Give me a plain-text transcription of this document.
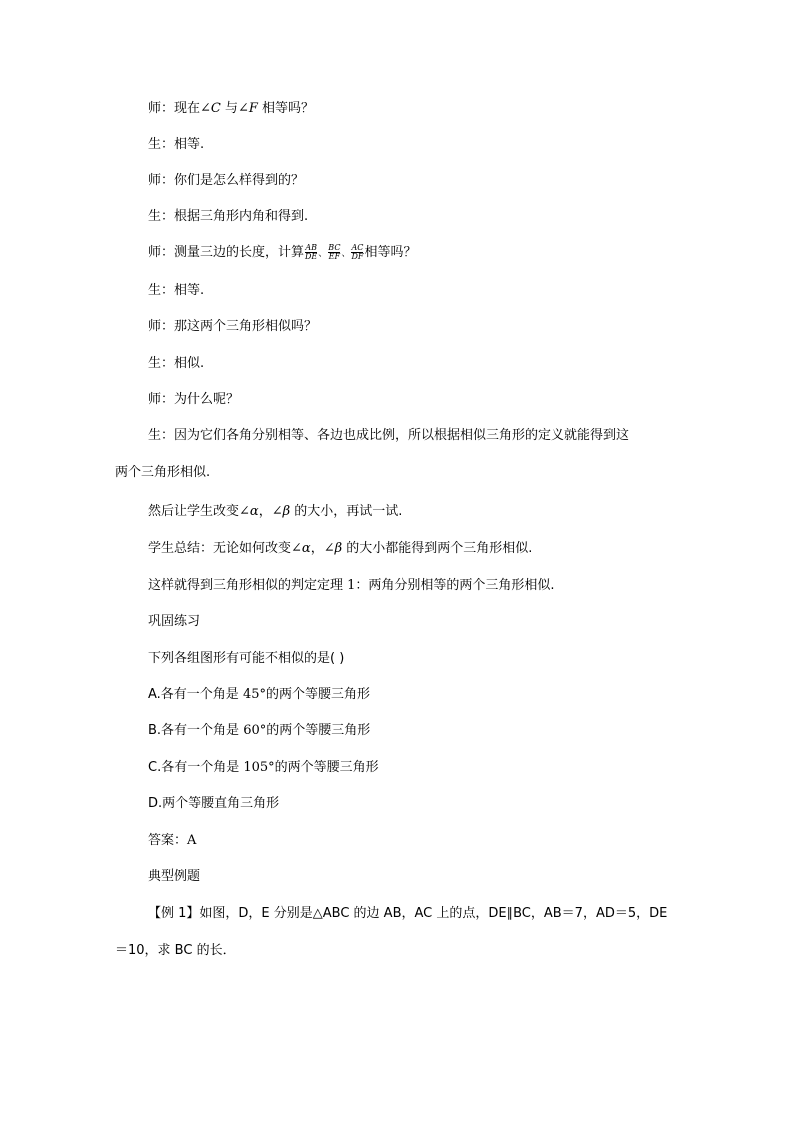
师：现在∠C 与∠F 相等吗？
生：相等.
师：你们是怎么样得到的？
生：根据三角形内角和得到.
师：测量三边的长度，计算 $\frac{AB}{DE}$ 、 $\frac{BC}{EF}$ 、 $\frac{AC}{DF}$ 相等吗？
生：相等.
师：那这两个三角形相似吗？
生：相似.
师：为什么呢？
生：因为它们各角分别相等、各边也成比例，所以根据相似三角形的定义就能得到这
两个三角形相似.
然后让学生改变∠α，∠β 的大小，再试一试.
学生总结：无论如何改变∠α，∠β 的大小都能得到两个三角形相似.
这样就得到三角形相似的判定定理 1：两角分别相等的两个三角形相似.
巩固练习
下列各组图形有可能不相似的是( )
A.各有一个角是 45°的两个等腰三角形
B.各有一个角是 60°的两个等腰三角形
C.各有一个角是 105°的两个等腰三角形
D.两个等腰直角三角形
答案：A
典型例题
【例 1】如图，D，E 分别是△ABC 的边 AB，AC 上的点，DE∥BC，AB＝7，AD＝5，DE
＝10，求 BC 的长．
